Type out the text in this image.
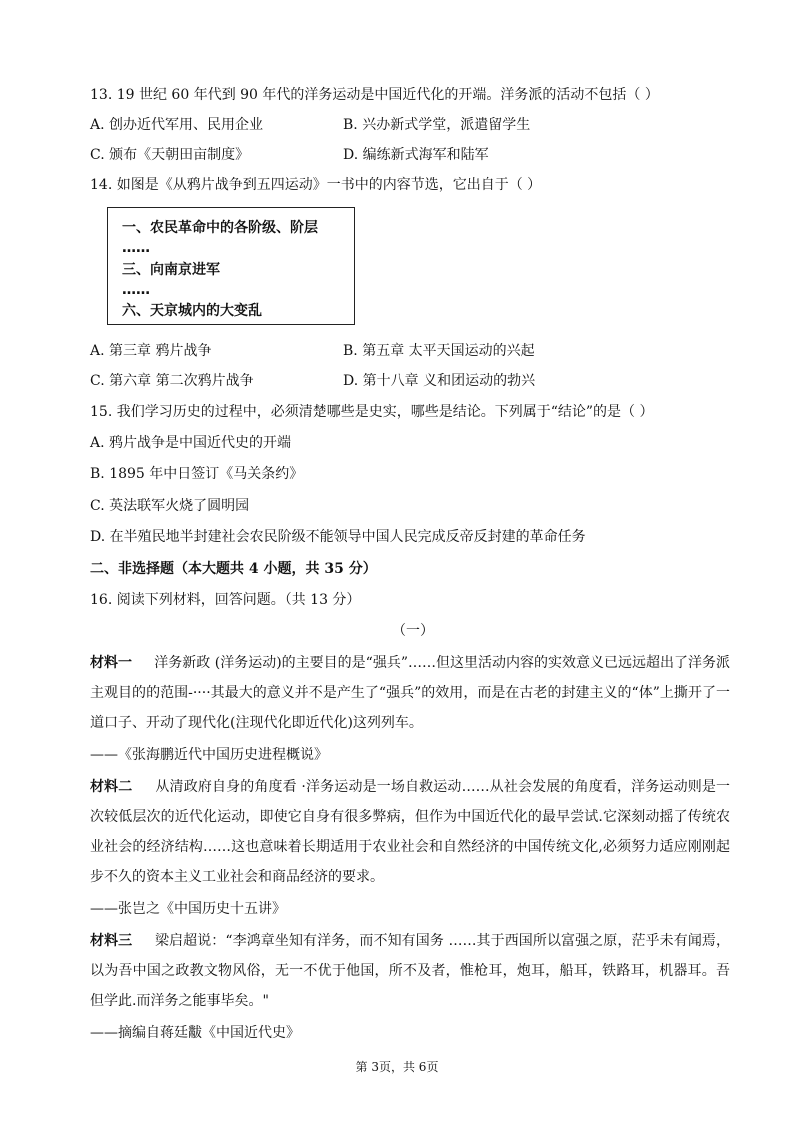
13. 19 世纪 60 年代到 90 年代的洋务运动是中国近代化的开端。洋务派的活动不包括（ ）
A. 创办近代军用、民用企业	B. 兴办新式学堂，派遣留学生
C. 颁布《天朝田亩制度》	D. 编练新式海军和陆军
14. 如图是《从鸦片战争到五四运动》一书中的内容节选，它出自于（ ）
一、农民革命中的各阶级、阶层
……
三、向南京进军
……
六、天京城内的大变乱
A. 第三章 鸦片战争	B. 第五章 太平天国运动的兴起
C. 第六章 第二次鸦片战争	D. 第十八章 义和团运动的勃兴
15. 我们学习历史的过程中，必须清楚哪些是史实，哪些是结论。下列属于“结论”的是（ ）
A. 鸦片战争是中国近代史的开端
B. 1895 年中日签订《马关条约》
C. 英法联军火烧了圆明园
D. 在半殖民地半封建社会农民阶级不能领导中国人民完成反帝反封建的革命任务
二、非选择题（本大题共 4 小题，共 35 分）
16. 阅读下列材料，回答问题。（共 13 分）
（一）
材料一 洋务新政 (洋务运动)的主要目的是“强兵”……但这里活动内容的实效意义已远远超出了洋务派主观目的的范围-····其最大的意义并不是产生了“强兵”的效用，而是在古老的封建主义的“体”上撕开了一道口子、开动了现代化(注现代化即近代化)这列列车。
——《张海鹏近代中国历史进程概说》
材料二 从清政府自身的角度看 ·洋务运动是一场自救运动……从社会发展的角度看，洋务运动则是一次较低层次的近代化运动，即使它自身有很多弊病，但作为中国近代化的最早尝试.它深刻动摇了传统农业社会的经济结构……这也意味着长期适用于农业社会和自然经济的中国传统文化,必须努力适应刚刚起步不久的资本主义工业社会和商品经济的要求。
——张岂之《中国历史十五讲》
材料三 梁启超说：“李鸿章坐知有洋务，而不知有国务 ……其于西国所以富强之原，茫乎未有闻焉，以为吾中国之政教文物风俗，无一不优于他国，所不及者，惟枪耳，炮耳，船耳，铁路耳，机器耳。吾但学此.而洋务之能事毕矣。"
——摘编自蒋廷黻《中国近代史》
第 3页，共 6页
